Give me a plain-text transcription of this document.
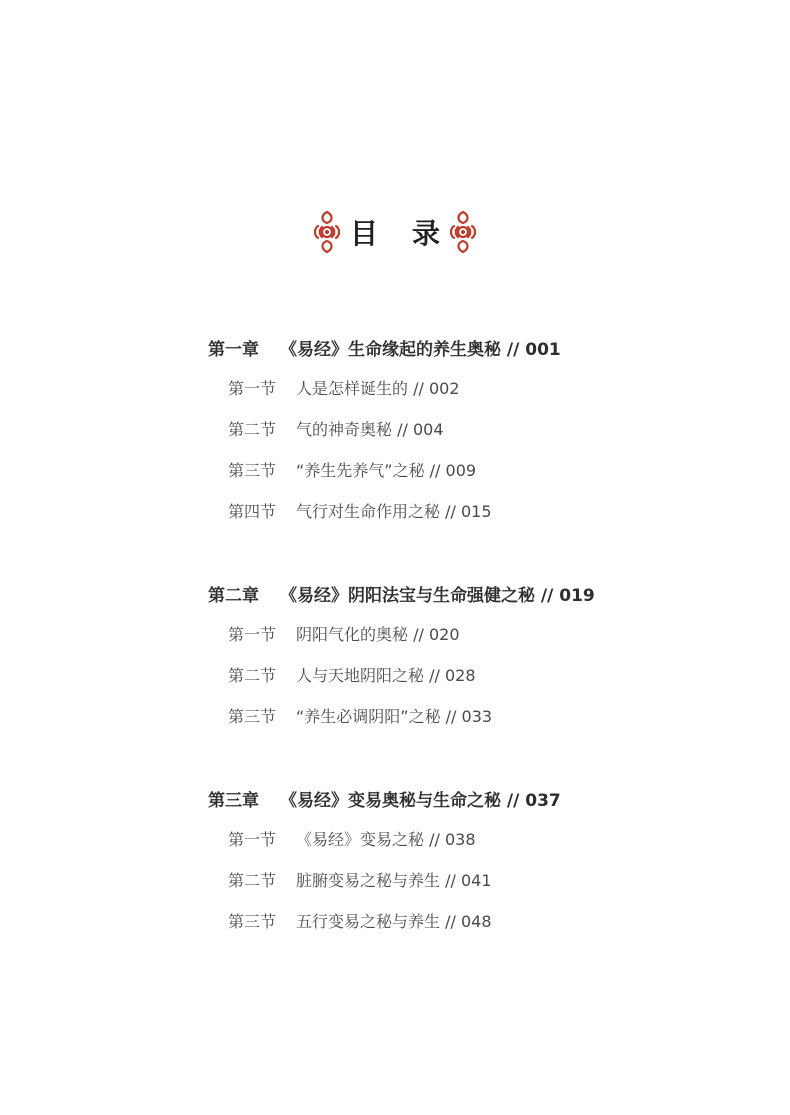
目 录
第一章 《易经》生命缘起的养生奥秘 // 001
第一节 人是怎样诞生的 // 002
第二节 气的神奇奥秘 // 004
第三节 “养生先养气”之秘 // 009
第四节 气行对生命作用之秘 // 015
第二章 《易经》阴阳法宝与生命强健之秘 // 019
第一节 阴阳气化的奥秘 // 020
第二节 人与天地阴阳之秘 // 028
第三节 “养生必调阴阳”之秘 // 033
第三章 《易经》变易奥秘与生命之秘 // 037
第一节 《易经》变易之秘 // 038
第二节 脏腑变易之秘与养生 // 041
第三节 五行变易之秘与养生 // 048
